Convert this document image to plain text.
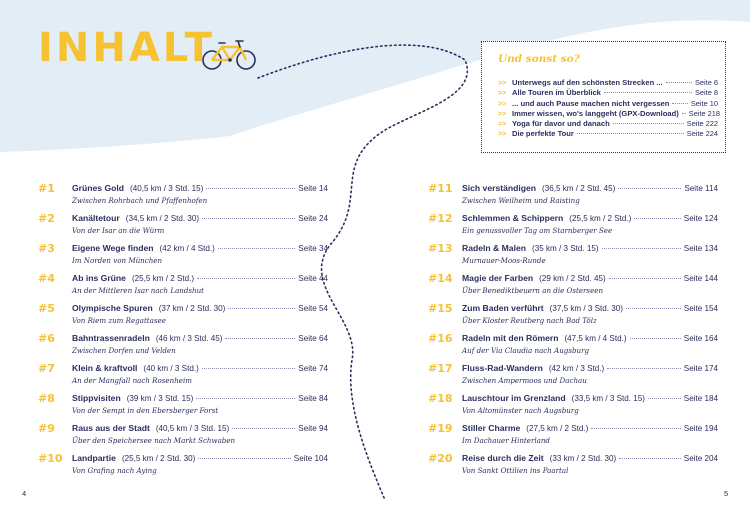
INHALT	Und sonst so?
>> Unterwegs auf den schönsten Strecken ...	Seite 6
>> Alle Touren im Überblick	Seite 8
>> ... und auch Pause machen nicht vergessen	Seite 10
>> Immer wissen, wo's langgeht (GPX-Download) Seite 218
>> Yoga für davor und danach	Seite 222
>> Die perfekte Tour	Seite 224
#1	Grünes Gold (40,5 km / 3 Std. 15)	Seite 14

Zwischen Rohrbach und Pfaffenhofen

#2	Kanältetour (34,5 km / 2 Std. 30)	Seite 24

Von der Isar an die Würm

#3	Eigene Wege finden (42 km / 4 Std.)	Seite 34

Im Norden von München

#4	Ab ins Grüne (25,5 km / 2 Std.)	Seite 44

An der Mittleren Isar nach Landshut

#5	Olympische Spuren (37 km / 2 Std. 30)	Seite 54

Von Riem zum Regattasee

#6	Bahntrassenradeln (46 km / 3 Std. 45)	Seite 64

Zwischen Dorfen und Velden

#7	Klein & kraftvoll (40 km / 3 Std.)	Seite 74

An der Mangfall nach Rosenheim

#8	Stippvisiten (39 km / 3 Std. 15)	Seite 84

Von der Sempt in den Ebersberger Forst

#9	Raus aus der Stadt (40,5 km / 3 Std. 15)	Seite 94

Über den Speichersee nach Markt Schwaben

#10	Landpartie (25,5 km / 2 Std. 30)	Seite 104

Von Grafing nach Aying

#11	Sich verständigen (36,5 km / 2 Std. 45)	Seite 114

Zwischen Weilheim und Raisting

#12	Schlemmen & Schippern (25,5 km / 2 Std.)	Seite 124

Ein genussvoller Tag am Starnberger See

#13	Radeln & Malen (35 km / 3 Std. 15)	Seite 134

Murnauer-Moos-Runde

#14	Magie der Farben (29 km / 2 Std. 45)	Seite 144

Über Benediktbeuern an die Osterseen

#15	Zum Baden verführt (37,5 km / 3 Std. 30)	Seite 154

Über Kloster Reutberg nach Bad Tölz

#16	Radeln mit den Römern (47,5 km / 4 Std.)	Seite 164

Auf der Via Claudia nach Augsburg

#17	Fluss-Rad-Wandern (42 km / 3 Std.)	Seite 174

Zwischen Ampermoos und Dachau

#18	Lauschtour im Grenzland (33,5 km / 3 Std. 15)	Seite 184

Von Altomünster nach Augsburg

#19	Stiller Charme (27,5 km / 2 Std.)	Seite 194

Im Dachauer Hinterland

#20	Reise durch die Zeit (33 km / 2 Std. 30)	Seite 204

Von Sankt Ottilien ins Paartal

4	5
